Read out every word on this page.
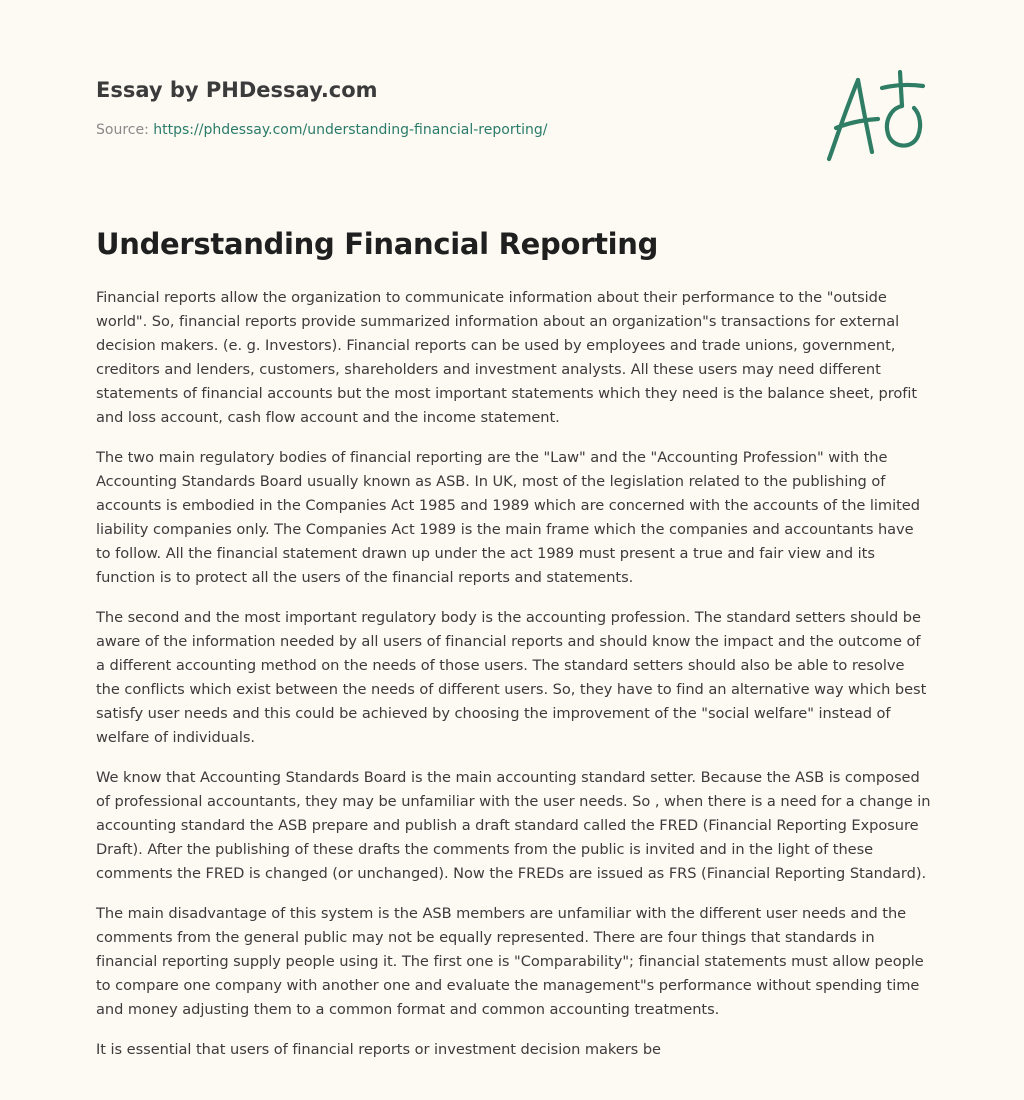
Essay by PHDessay.com
Source: https://phdessay.com/understanding-financial-reporting/
Understanding Financial Reporting

Financial reports allow the organization to communicate information about their performance to the "outside world". So, financial reports provide summarized information about an organization"s transactions for external decision makers. (e. g. Investors). Financial reports can be used by employees and trade unions, government, creditors and lenders, customers, shareholders and investment analysts. All these users may need different statements of financial accounts but the most important statements which they need is the balance sheet, profit and loss account, cash flow account and the income statement.

The two main regulatory bodies of financial reporting are the "Law" and the "Accounting Profession" with the Accounting Standards Board usually known as ASB. In UK, most of the legislation related to the publishing of accounts is embodied in the Companies Act 1985 and 1989 which are concerned with the accounts of the limited liability companies only. The Companies Act 1989 is the main frame which the companies and accountants have to follow. All the financial statement drawn up under the act 1989 must present a true and fair view and its function is to protect all the users of the financial reports and statements.

The second and the most important regulatory body is the accounting profession. The standard setters should be aware of the information needed by all users of financial reports and should know the impact and the outcome of a different accounting method on the needs of those users. The standard setters should also be able to resolve the conflicts which exist between the needs of different users. So, they have to find an alternative way which best satisfy user needs and this could be achieved by choosing the improvement of the "social welfare" instead of welfare of individuals.

We know that Accounting Standards Board is the main accounting standard setter. Because the ASB is composed of professional accountants, they may be unfamiliar with the user needs. So , when there is a need for a change in accounting standard the ASB prepare and publish a draft standard called the FRED (Financial Reporting Exposure Draft). After the publishing of these drafts the comments from the public is invited and in the light of these comments the FRED is changed (or unchanged). Now the FREDs are issued as FRS (Financial Reporting Standard).

The main disadvantage of this system is the ASB members are unfamiliar with the different user needs and the comments from the general public may not be equally represented. There are four things that standards in financial reporting supply people using it. The first one is "Comparability"; financial statements must allow people to compare one company with another one and evaluate the management"s performance without spending time and money adjusting them to a common format and common accounting treatments.

It is essential that users of financial reports or investment decision makers be
